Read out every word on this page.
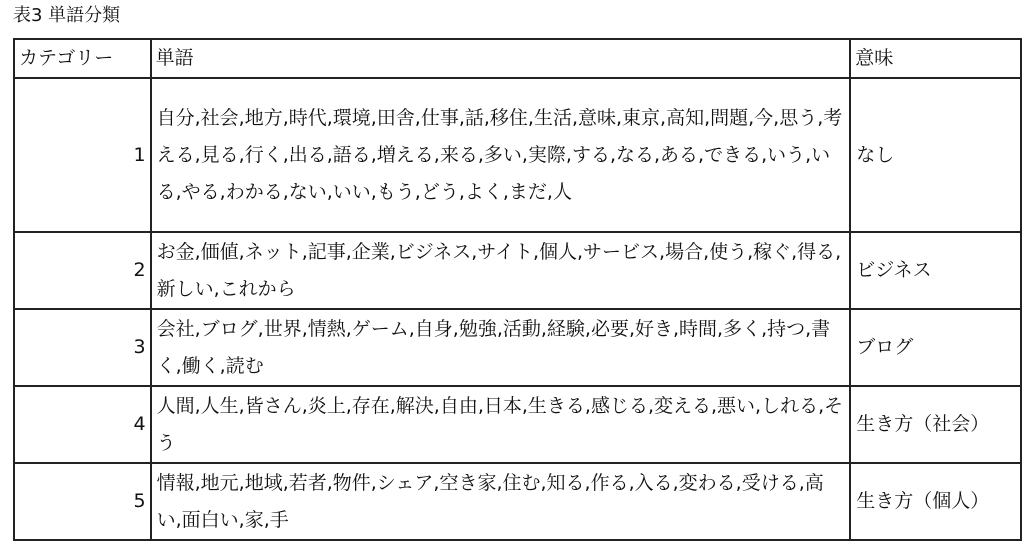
表3 単語分類
カテゴリー	単語	意味
1	自分,社会,地方,時代,環境,田舎,仕事,話,移住,生活,意味,東京,高知,問題,今,思う,考える,見る,行く,出る,語る,増える,来る,多い,実際,する,なる,ある,できる,いう,いる,やる,わかる,ない,いい,もう,どう,よく,まだ,人	なし
2	お金,価値,ネット,記事,企業,ビジネス,サイト,個人,サービス,場合,使う,稼ぐ,得る,新しい,これから	ビジネス
3	会社,ブログ,世界,情熱,ゲーム,自身,勉強,活動,経験,必要,好き,時間,多く,持つ,書く,働く,読む	ブログ
4	人間,人生,皆さん,炎上,存在,解決,自由,日本,生きる,感じる,変える,悪い,しれる,そう	生き方（社会）
5	情報,地元,地域,若者,物件,シェア,空き家,住む,知る,作る,入る,変わる,受ける,高い,面白い,家,手	生き方（個人）
